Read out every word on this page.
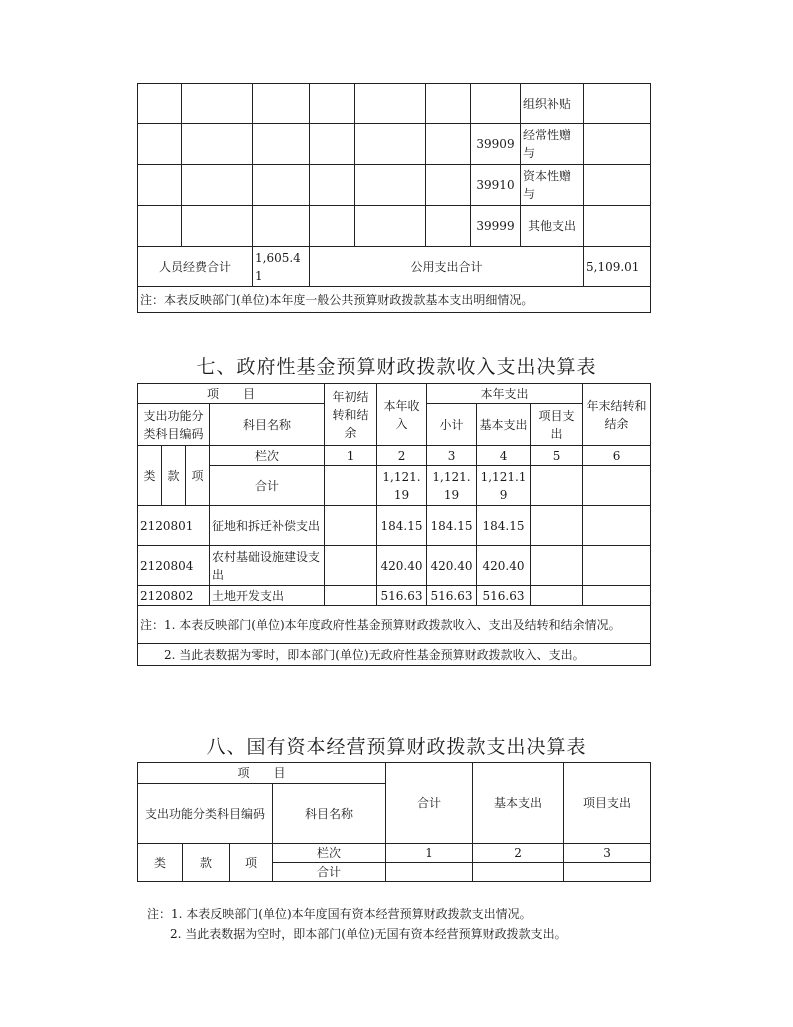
							组织补贴	
						39909	经常性赠与	
						39910	资本性赠与	
						39999	其他支出	
人员经费合计		1,605.41	公用支出合计					5,109.01
注：本表反映部门(单位)本年度一般公共预算财政拨款基本支出明细情况。								
七、政府性基金预算财政拨款收入支出决算表
项　　目				年初结转和结余	本年收入	本年支出			年末结转和结余
支出功能分类科目编码			科目名称			小计	基本支出	项目支出	

类	款	项	栏次	1	2	3	4	5	6
			合计		1,121.19	1,121.19	1,121.19		
2120801			征地和拆迁补偿支出		184.15	184.15	184.15		
2120804			农村基础设施建设支出		420.40	420.40	420.40		
2120802			土地开发支出		516.63	516.63	516.63		
注：1. 本表反映部门(单位)本年度政府性基金预算财政拨款收入、支出及结转和结余情况。									
2. 当此表数据为零时，即本部门(单位)无政府性基金预算财政拨款收入、支出。									
八、国有资本经营预算财政拨款支出决算表
项　　目				合计	基本支出	项目支出
支出功能分类科目编码			科目名称			

类	款	项	栏次	1	2	3
			合计			
注：1. 本表反映部门(单位)本年度国有资本经营预算财政拨款支出情况。
2. 当此表数据为空时，即本部门(单位)无国有资本经营预算财政拨款支出。
